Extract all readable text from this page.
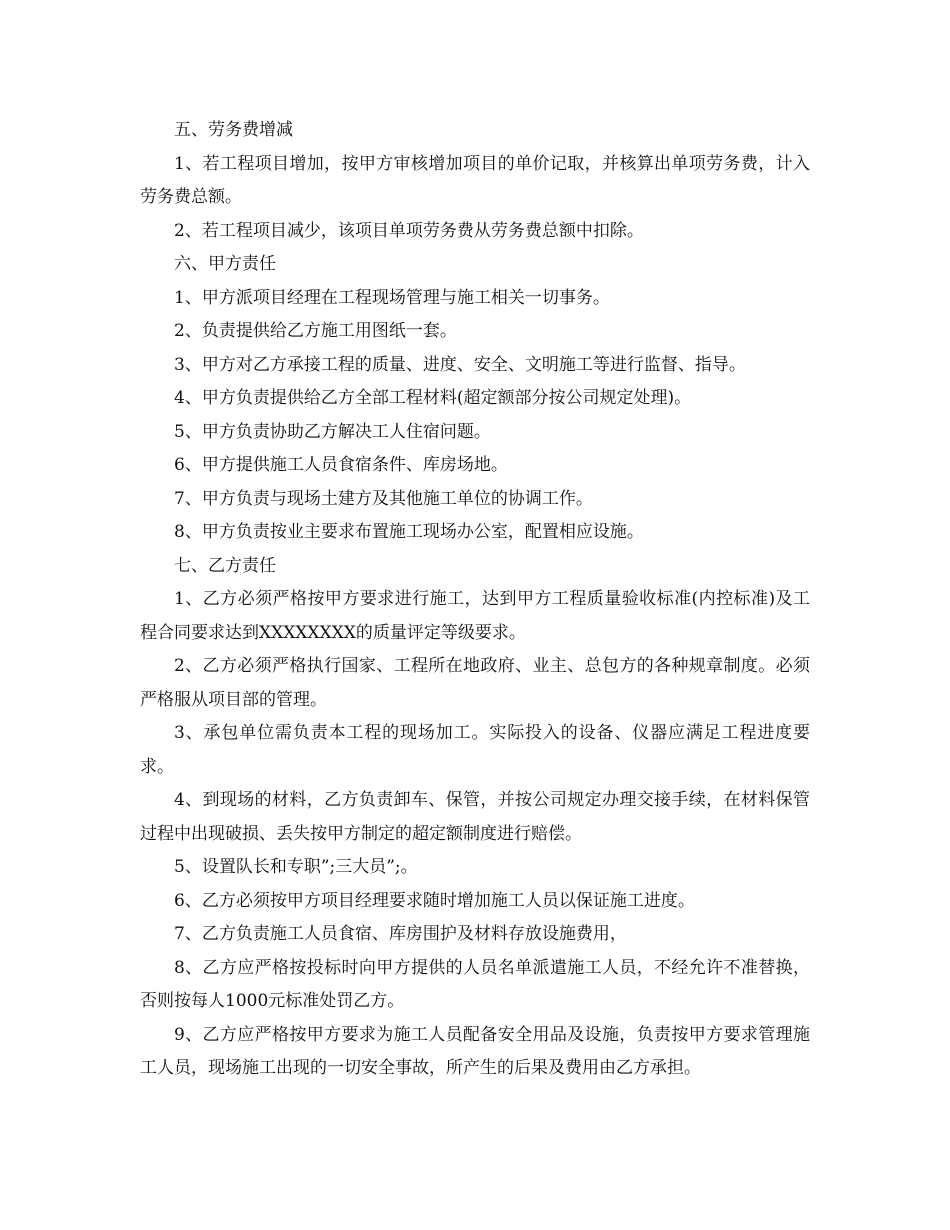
五、劳务费增减

1、若工程项目增加，按甲方审核增加项目的单价记取，并核算出单项劳务费，计入劳务费总额。

2、若工程项目减少，该项目单项劳务费从劳务费总额中扣除。

六、甲方责任

1、甲方派项目经理在工程现场管理与施工相关一切事务。

2、负责提供给乙方施工用图纸一套。

3、甲方对乙方承接工程的质量、进度、安全、文明施工等进行监督、指导。

4、甲方负责提供给乙方全部工程材料(超定额部分按公司规定处理)。

5、甲方负责协助乙方解决工人住宿问题。

6、甲方提供施工人员食宿条件、库房场地。

7、甲方负责与现场土建方及其他施工单位的协调工作。

8、甲方负责按业主要求布置施工现场办公室，配置相应设施。

七、乙方责任

1、乙方必须严格按甲方要求进行施工，达到甲方工程质量验收标准(内控标准)及工程合同要求达到XXXXXXXX的质量评定等级要求。

2、乙方必须严格执行国家、工程所在地政府、业主、总包方的各种规章制度。必须严格服从项目部的管理。

3、承包单位需负责本工程的现场加工。实际投入的设备、仪器应满足工程进度要求。

4、到现场的材料，乙方负责卸车、保管，并按公司规定办理交接手续，在材料保管过程中出现破损、丢失按甲方制定的超定额制度进行赔偿。

5、设置队长和专职”;三大员”;。

6、乙方必须按甲方项目经理要求随时增加施工人员以保证施工进度。

7、乙方负责施工人员食宿、库房围护及材料存放设施费用，

8、乙方应严格按投标时向甲方提供的人员名单派遣施工人员，不经允许不准替换，否则按每人1000元标准处罚乙方。

9、乙方应严格按甲方要求为施工人员配备安全用品及设施，负责按甲方要求管理施工人员，现场施工出现的一切安全事故，所产生的后果及费用由乙方承担。
